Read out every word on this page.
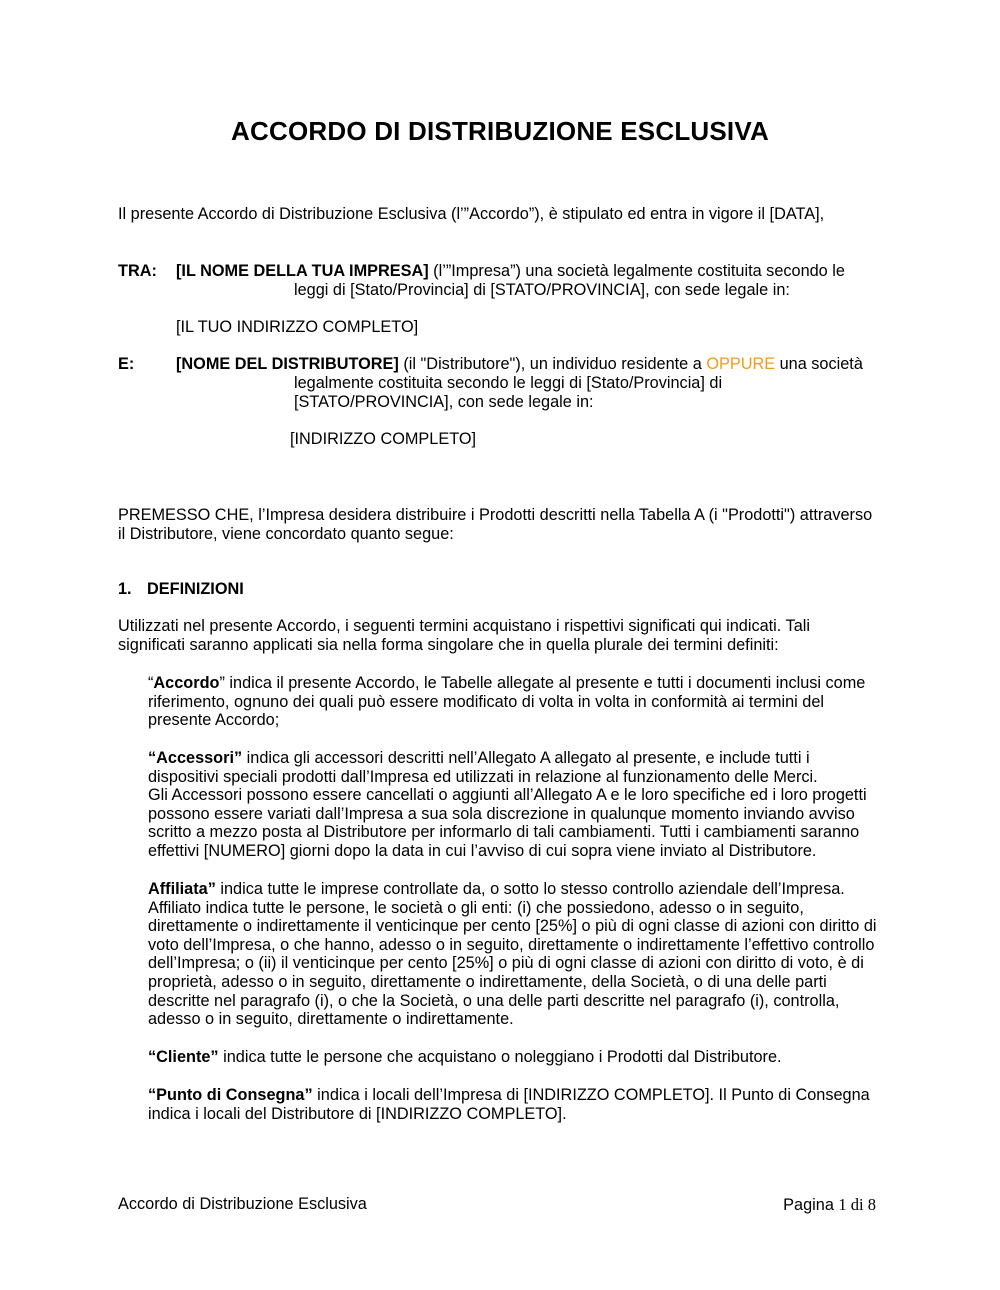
ACCORDO DI DISTRIBUZIONE ESCLUSIVA

Il presente Accordo di Distribuzione Esclusiva (l’”Accordo”), è stipulato ed entra in vigore il [DATA],

TRA: [IL NOME DELLA TUA IMPRESA] (l’”Impresa”) una società legalmente costituita secondo le
leggi di [Stato/Provincia] di [STATO/PROVINCIA], con sede legale in:
[IL TUO INDIRIZZO COMPLETO]
E:	[NOME DEL DISTRIBUTORE] (il "Distributore"), un individuo residente a OPPURE una società
legalmente costituita secondo le leggi di [Stato/Provincia] di
[STATO/PROVINCIA], con sede legale in:
[INDIRIZZO COMPLETO]
PREMESSO CHE, l’Impresa desidera distribuire i Prodotti descritti nella Tabella A (i "Prodotti") attraverso
il Distributore, viene concordato quanto segue:
1. DEFINIZIONI
Utilizzati nel presente Accordo, i seguenti termini acquistano i rispettivi significati qui indicati. Tali
significati saranno applicati sia nella forma singolare che in quella plurale dei termini definiti:
“Accordo” indica il presente Accordo, le Tabelle allegate al presente e tutti i documenti inclusi come
riferimento, ognuno dei quali può essere modificato di volta in volta in conformità ai termini del
presente Accordo;
“Accessori” indica gli accessori descritti nell’Allegato A allegato al presente, e include tutti i
dispositivi speciali prodotti dall’Impresa ed utilizzati in relazione al funzionamento delle Merci.
Gli Accessori possono essere cancellati o aggiunti all’Allegato A e le loro specifiche ed i loro progetti
possono essere variati dall’Impresa a sua sola discrezione in qualunque momento inviando avviso
scritto a mezzo posta al Distributore per informarlo di tali cambiamenti. Tutti i cambiamenti saranno
effettivi [NUMERO] giorni dopo la data in cui l’avviso di cui sopra viene inviato al Distributore.
Affiliata” indica tutte le imprese controllate da, o sotto lo stesso controllo aziendale dell’Impresa.
Affiliato indica tutte le persone, le società o gli enti: (i) che possiedono, adesso o in seguito,
direttamente o indirettamente il venticinque per cento [25%] o più di ogni classe di azioni con diritto di
voto dell’Impresa, o che hanno, adesso o in seguito, direttamente o indirettamente l’effettivo controllo
dell’Impresa; o (ii) il venticinque per cento [25%] o più di ogni classe di azioni con diritto di voto, è di
proprietà, adesso o in seguito, direttamente o indirettamente, della Società, o di una delle parti
descritte nel paragrafo (i), o che la Società, o una delle parti descritte nel paragrafo (i), controlla,
adesso o in seguito, direttamente o indirettamente.
“Cliente” indica tutte le persone che acquistano o noleggiano i Prodotti dal Distributore.
“Punto di Consegna” indica i locali dell’Impresa di [INDIRIZZO COMPLETO]. Il Punto di Consegna
indica i locali del Distributore di [INDIRIZZO COMPLETO].
Accordo di Distribuzione Esclusiva	Pagina 1 di 8
